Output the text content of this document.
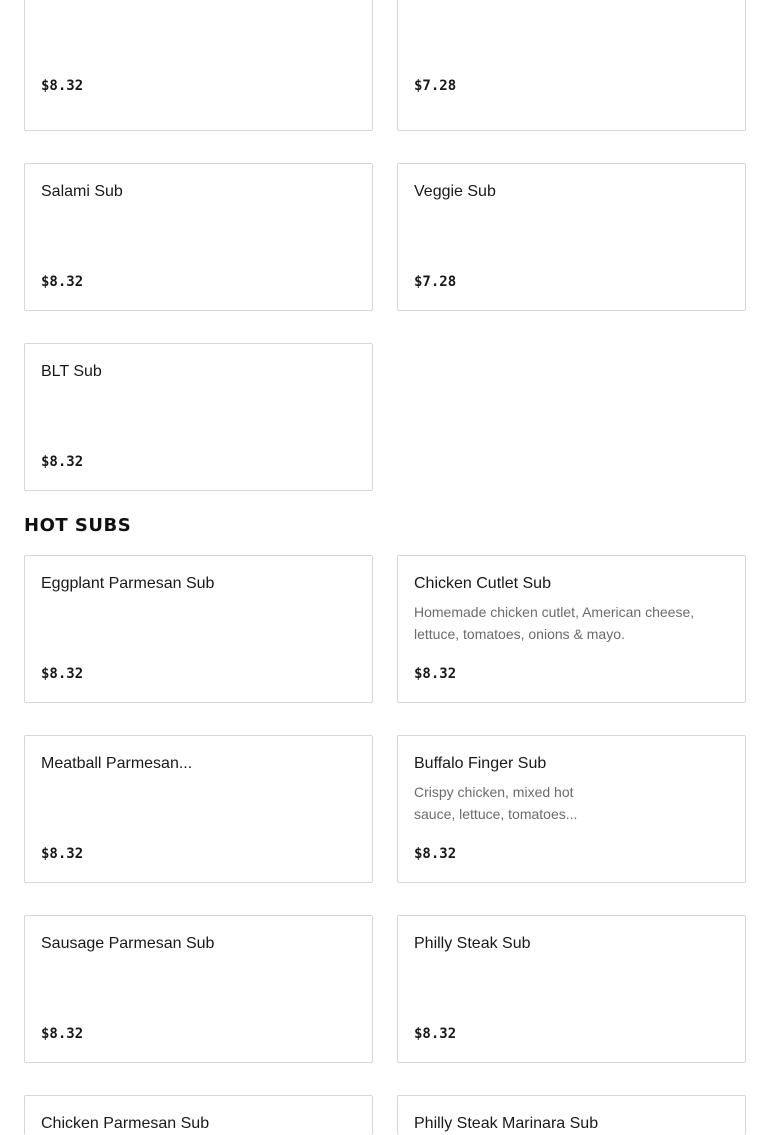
$8.32	$7.28
Salami Sub
$8.32
Veggie Sub
$7.28
BLT Sub
$8.32
HOT SUBS
Eggplant Parmesan Sub
$8.32
Chicken Cutlet Sub
Homemade chicken cutlet, American cheese,
lettuce, tomatoes, onions & mayo.
$8.32
Meatball Parmesan...
$8.32
Buffalo Finger Sub
Crispy chicken, mixed hot
sauce, lettuce, tomatoes...
$8.32
Sausage Parmesan Sub
$8.32
Philly Steak Sub
$8.32
Chicken Parmesan Sub	Philly Steak Marinara Sub
